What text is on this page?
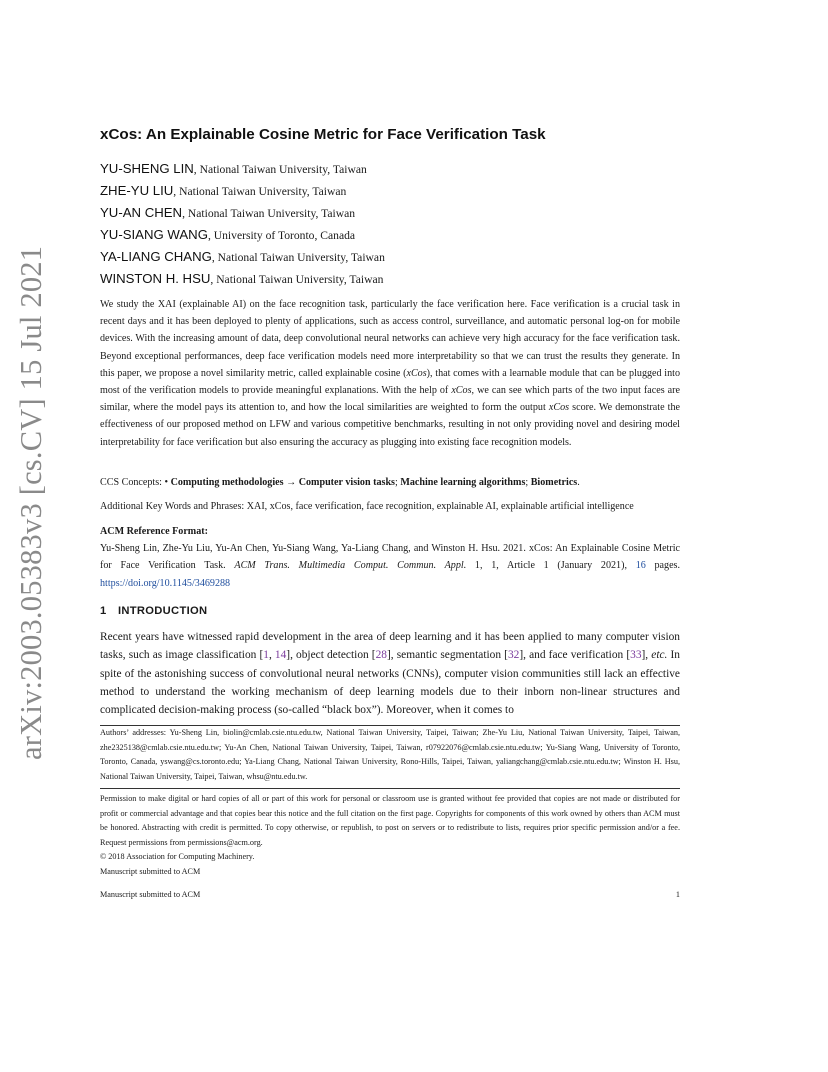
arXiv:2003.05383v3 [cs.CV] 15 Jul 2021
xCos: An Explainable Cosine Metric for Face Verification Task
YU-SHENG LIN, National Taiwan University, Taiwan
ZHE-YU LIU, National Taiwan University, Taiwan
YU-AN CHEN, National Taiwan University, Taiwan
YU-SIANG WANG, University of Toronto, Canada
YA-LIANG CHANG, National Taiwan University, Taiwan
WINSTON H. HSU, National Taiwan University, Taiwan

We study the XAI (explainable AI) on the face recognition task, particularly the face verification here. Face verification is a crucial task in recent days and it has been deployed to plenty of applications, such as access control, surveillance, and automatic personal log-on for mobile devices. With the increasing amount of data, deep convolutional neural networks can achieve very high accuracy for the face verification task. Beyond exceptional performances, deep face verification models need more interpretability so that we can trust the results they generate. In this paper, we propose a novel similarity metric, called explainable cosine (xCos), that comes with a learnable module that can be plugged into most of the verification models to provide meaningful explanations. With the help of xCos, we can see which parts of the two input faces are similar, where the model pays its attention to, and how the local similarities are weighted to form the output xCos score. We demonstrate the effectiveness of our proposed method on LFW and various competitive benchmarks, resulting in not only providing novel and desiring model interpretability for face verification but also ensuring the accuracy as plugging into existing face recognition models.

CCS Concepts: • Computing methodologies → Computer vision tasks; Machine learning algorithms; Biometrics.

Additional Key Words and Phrases: XAI, xCos, face verification, face recognition, explainable AI, explainable artificial intelligence

ACM Reference Format:
Yu-Sheng Lin, Zhe-Yu Liu, Yu-An Chen, Yu-Siang Wang, Ya-Liang Chang, and Winston H. Hsu. 2021. xCos: An Explainable Cosine Metric for Face Verification Task. ACM Trans. Multimedia Comput. Commun. Appl. 1, 1, Article 1 (January 2021), 16 pages. https://doi.org/10.1145/3469288
1 INTRODUCTION

Recent years have witnessed rapid development in the area of deep learning and it has been applied to many computer vision tasks, such as image classification [1, 14], object detection [28], semantic segmentation [32], and face verification [33], etc. In spite of the astonishing success of convolutional neural networks (CNNs), computer vision communities still lack an effective method to understand the working mechanism of deep learning models due to their inborn non-linear structures and complicated decision-making process (so-called “black box”). Moreover, when it comes to

Authors’ addresses: Yu-Sheng Lin, biolin@cmlab.csie.ntu.edu.tw, National Taiwan University, Taipei, Taiwan; Zhe-Yu Liu, National Taiwan University, Taipei, Taiwan, zhe2325138@cmlab.csie.ntu.edu.tw; Yu-An Chen, National Taiwan University, Taipei, Taiwan, r07922076@cmlab.csie.ntu.edu.tw; Yu-Siang Wang, University of Toronto, Toronto, Canada, yswang@cs.toronto.edu; Ya-Liang Chang, National Taiwan University, Rono-Hills, Taipei, Taiwan, yaliangchang@cmlab.csie.ntu.edu.tw; Winston H. Hsu, National Taiwan University, Taipei, Taiwan, whsu@ntu.edu.tw.

Permission to make digital or hard copies of all or part of this work for personal or classroom use is granted without fee provided that copies are not made or distributed for profit or commercial advantage and that copies bear this notice and the full citation on the first page. Copyrights for components of this work owned by others than ACM must be honored. Abstracting with credit is permitted. To copy otherwise, or republish, to post on servers or to redistribute to lists, requires prior specific permission and/or a fee. Request permissions from permissions@acm.org.
© 2018 Association for Computing Machinery.
Manuscript submitted to ACM
Manuscript submitted to ACM	1
